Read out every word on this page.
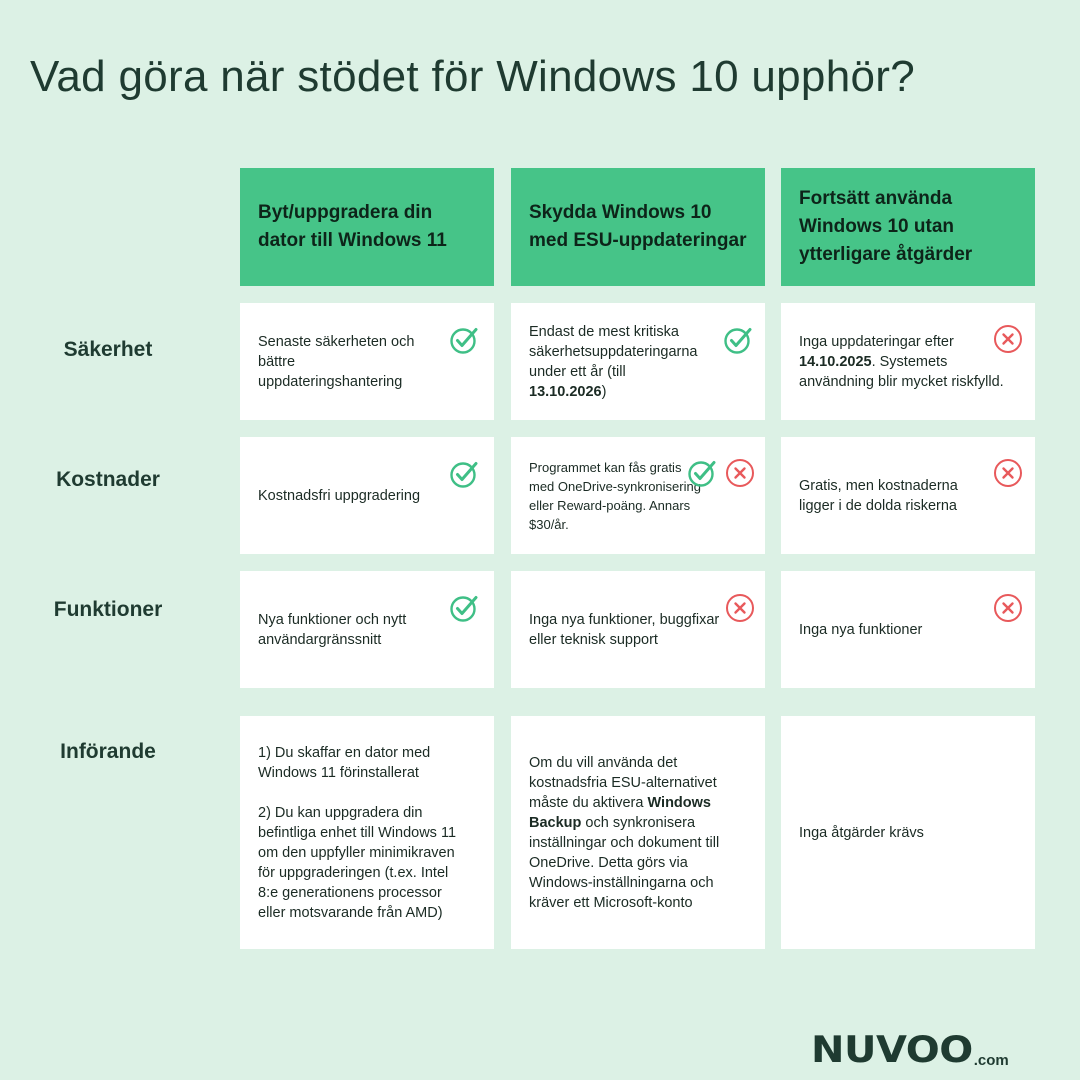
Vad göra när stödet för Windows 10 upphör?
Byt/uppgradera din dator till Windows 11
Skydda Windows 10 med ESU-uppdateringar
Fortsätt använda Windows 10 utan ytterligare åtgärder
Säkerhet
Kostnader
Funktioner
Införande
Senaste säkerheten och bättre uppdateringshantering
Endast de mest kritiska säkerhetsuppdateringarna under ett år (till 13.10.2026)
Inga uppdateringar efter 14.10.2025. Systemets användning blir mycket riskfylld.
Kostnadsfri uppgradering
Programmet kan fås gratis med OneDrive-synkronisering eller Reward-poäng. Annars $30/år.
Gratis, men kostnaderna ligger i de dolda riskerna
Nya funktioner och nytt användargränssnitt
Inga nya funktioner, buggfixar eller teknisk support
Inga nya funktioner
1) Du skaffar en dator med Windows 11 förinstallerat

2) Du kan uppgradera din befintliga enhet till Windows 11 om den uppfyller minimikraven för uppgraderingen (t.ex. Intel 8:e generationens processor eller motsvarande från AMD)
Om du vill använda det kostnadsfria ESU-alternativet måste du aktivera Windows Backup och synkronisera inställningar och dokument till OneDrive. Detta görs via Windows-inställningarna och kräver ett Microsoft-konto
Inga åtgärder krävs
NUVOO .com
